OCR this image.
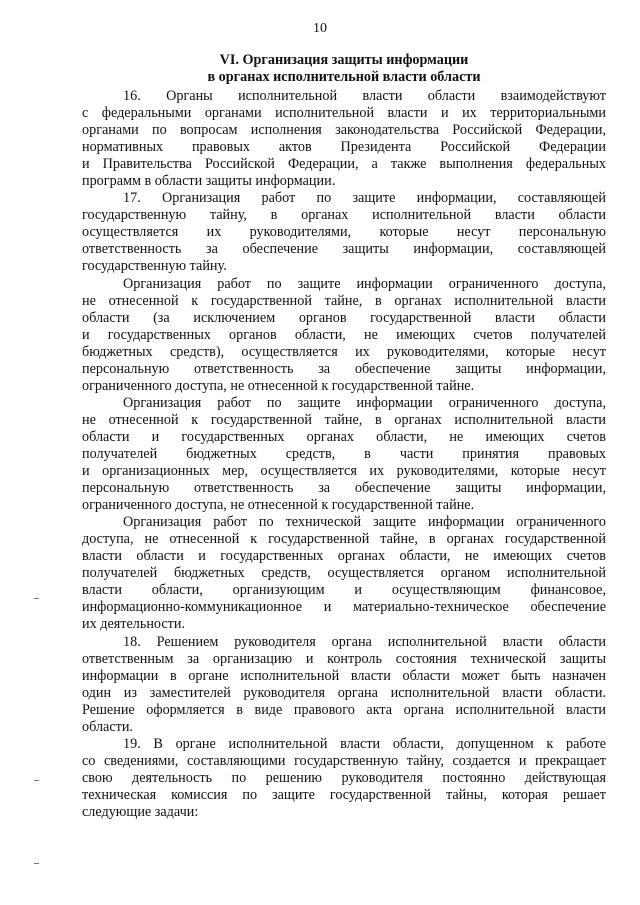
10
VI. Организация защиты информации
в органах исполнительной власти области
16. Органы исполнительной власти области взаимодействуют
с федеральными органами исполнительной власти и их территориальными
органами по вопросам исполнения законодательства Российской Федерации,
нормативных правовых актов Президента Российской Федерации
и Правительства Российской Федерации, а также выполнения федеральных
программ в области защиты информации.
17. Организация работ по защите информации, составляющей
государственную тайну, в органах исполнительной власти области
осуществляется их руководителями, которые несут персональную
ответственность за обеспечение защиты информации, составляющей
государственную тайну.
Организация работ по защите информации ограниченного доступа,
не отнесенной к государственной тайне, в органах исполнительной власти
области (за исключением органов государственной власти области
и государственных органов области, не имеющих счетов получателей
бюджетных средств), осуществляется их руководителями, которые несут
персональную ответственность за обеспечение защиты информации,
ограниченного доступа, не отнесенной к государственной тайне.
Организация работ по защите информации ограниченного доступа,
не отнесенной к государственной тайне, в органах исполнительной власти
области и государственных органах области, не имеющих счетов
получателей бюджетных средств, в части принятия правовых
и организационных мер, осуществляется их руководителями, которые несут
персональную ответственность за обеспечение защиты информации,
ограниченного доступа, не отнесенной к государственной тайне.
Организация работ по технической защите информации ограниченного
доступа, не отнесенной к государственной тайне, в органах государственной
власти области и государственных органах области, не имеющих счетов
получателей бюджетных средств, осуществляется органом исполнительной
власти области, организующим и осуществляющим финансовое,
информационно-коммуникационное и материально-техническое обеспечение
их деятельности.
18. Решением руководителя органа исполнительной власти области
ответственным за организацию и контроль состояния технической защиты
информации в органе исполнительной власти области может быть назначен
один из заместителей руководителя органа исполнительной власти области.
Решение оформляется в виде правового акта органа исполнительной власти
области.
19. В органе исполнительной власти области, допущенном к работе
со сведениями, составляющими государственную тайну, создается и прекращает
свою деятельность по решению руководителя постоянно действующая
техническая комиссия по защите государственной тайны, которая решает
следующие задачи:
